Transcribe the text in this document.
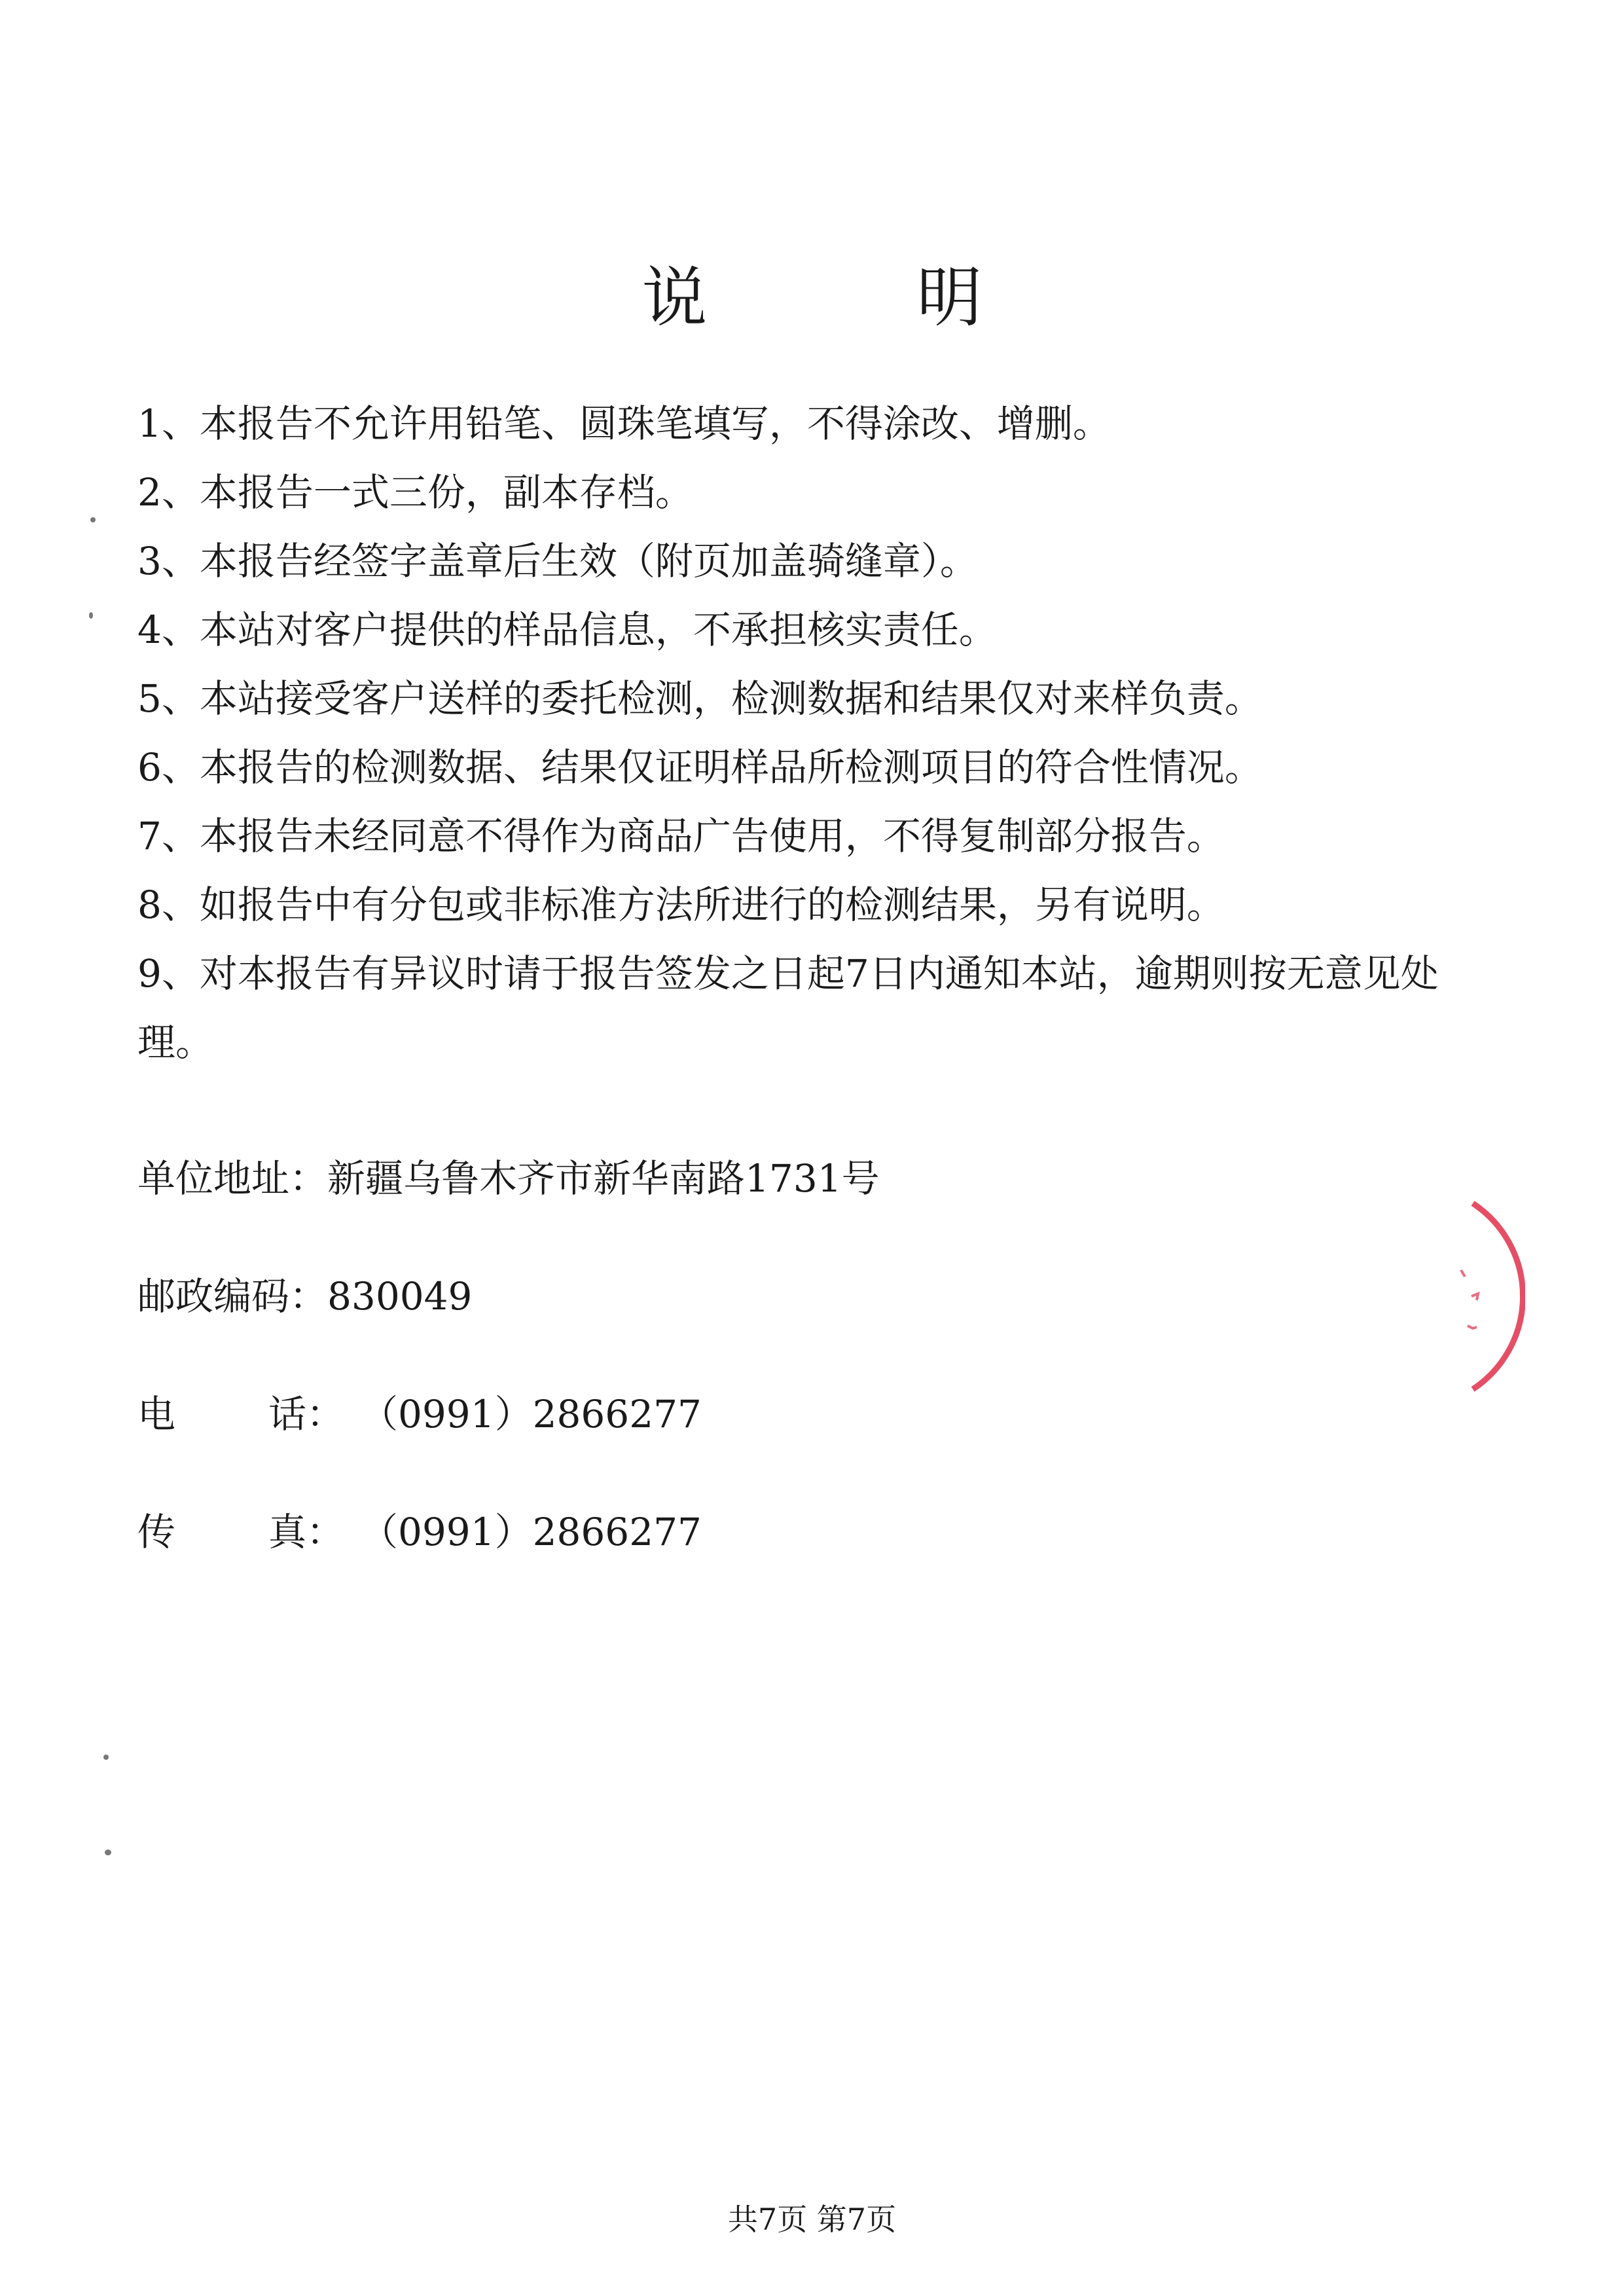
说	明
1、本报告不允许用铅笔、圆珠笔填写，不得涂改、增删。
2、本报告一式三份，副本存档。
3、本报告经签字盖章后生效（附页加盖骑缝章）。
4、本站对客户提供的样品信息，不承担核实责任。
5、本站接受客户送样的委托检测，检测数据和结果仅对来样负责。
6、本报告的检测数据、结果仅证明样品所检测项目的符合性情况。
7、本报告未经同意不得作为商品广告使用，不得复制部分报告。
8、如报告中有分包或非标准方法所进行的检测结果，另有说明。
9、对本报告有异议时请于报告签发之日起7日内通知本站，逾期则按无意见处理。
单位地址：新疆乌鲁木齐市新华南路1731号
邮政编码：830049
电 话： （0991）2866277
传 真： （0991）2866277
共7页 第7页
